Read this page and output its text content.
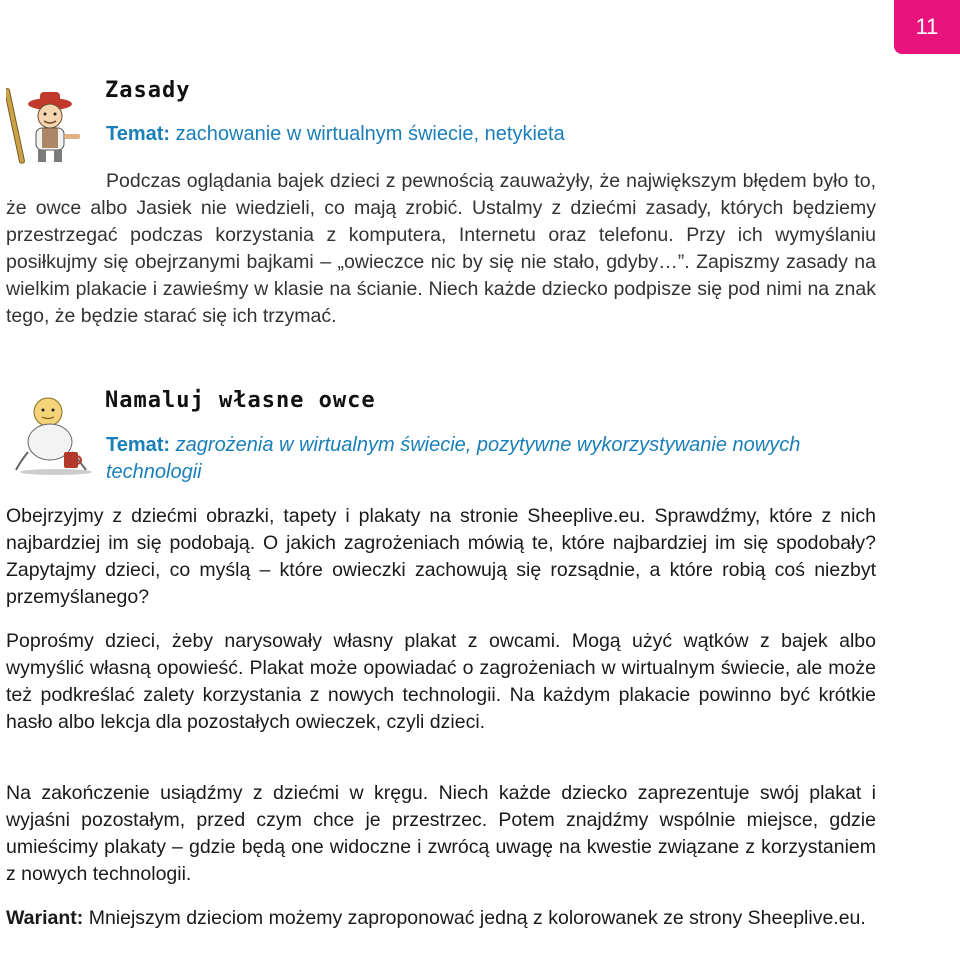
11
Zasady
Temat: zachowanie w wirtualnym świecie, netykieta

Podczas oglądania bajek dzieci z pewnością zauważyły, że największym błędem było to, że owce albo Jasiek nie wiedzieli, co mają zrobić. Ustalmy z dziećmi zasady, których będziemy przestrzegać podczas korzystania z komputera, Internetu oraz telefonu. Przy ich wymyślaniu posiłkujmy się obejrzanymi bajkami – „owieczce nic by się nie stało, gdyby…”. Zapiszmy zasady na wielkim plakacie i zawieśmy w klasie na ścianie. Niech każde dziecko podpisze się pod nimi na znak tego, że będzie starać się ich trzymać.

Namaluj własne owce
Temat: zagrożenia w wirtualnym świecie, pozytywne wykorzystywanie nowych technologii

Obejrzyjmy z dziećmi obrazki, tapety i plakaty na stronie Sheeplive.eu. Sprawdźmy, które z nich najbardziej im się podobają. O jakich zagrożeniach mówią te, które najbardziej im się spodobały? Zapytajmy dzieci, co myślą – które owieczki zachowują się rozsądnie, a które robią coś niezbyt przemyślanego?

Poprośmy dzieci, żeby narysowały własny plakat z owcami. Mogą użyć wątków z bajek albo wymyślić własną opowieść. Plakat może opowiadać o zagrożeniach w wirtualnym świecie, ale może też podkreślać zalety korzystania z nowych technologii. Na każdym plakacie powinno być krótkie hasło albo lekcja dla pozostałych owieczek, czyli dzieci.

Na zakończenie usiądźmy z dziećmi w kręgu. Niech każde dziecko zaprezentuje swój plakat i wyjaśni pozostałym, przed czym chce je przestrzec. Potem znajdźmy wspólnie miejsce, gdzie umieścimy plakaty – gdzie będą one widoczne i zwrócą uwagę na kwestie związane z korzystaniem z nowych technologii.

Wariant: Mniejszym dzieciom możemy zaproponować jedną z kolorowanek ze strony Sheeplive.eu.
